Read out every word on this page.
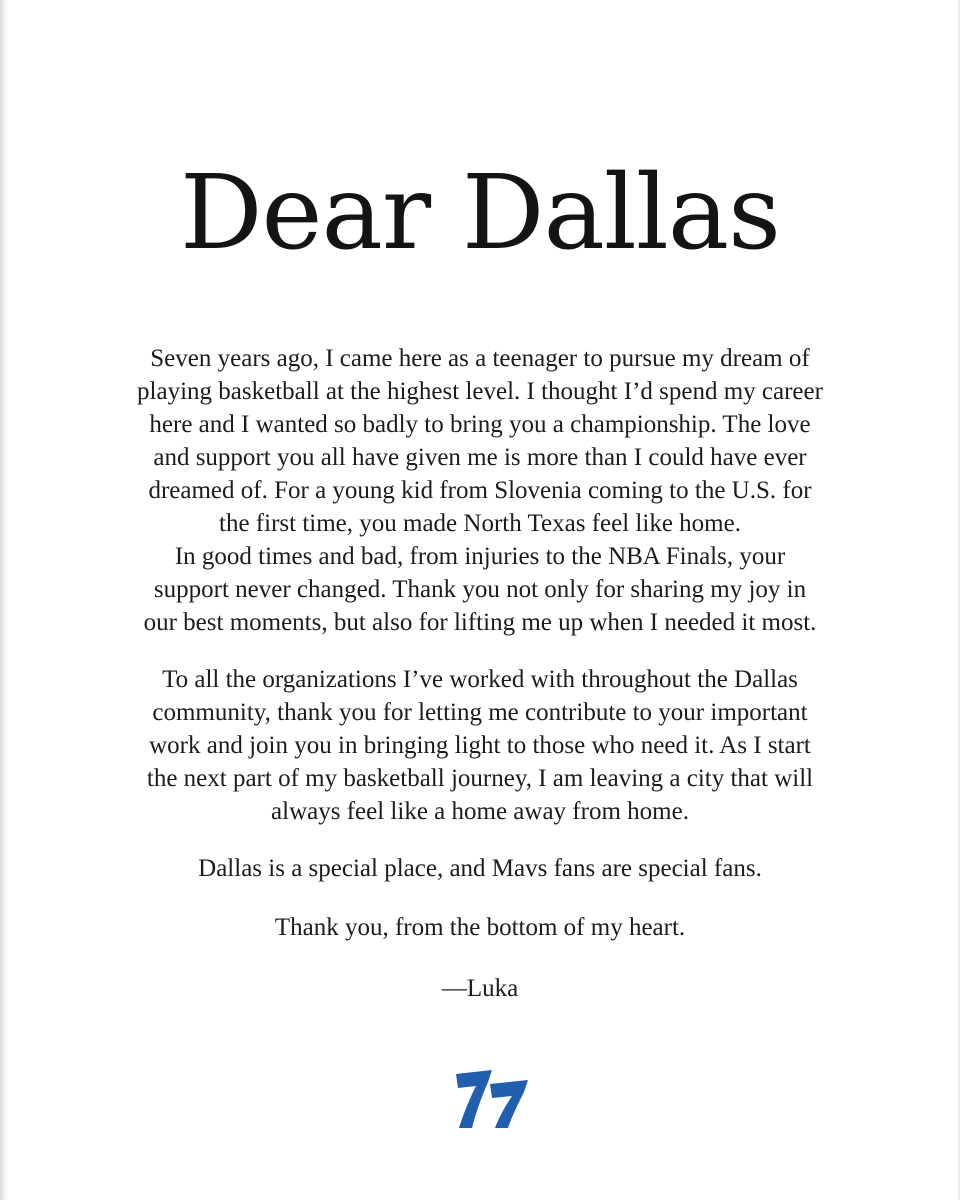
Dear Dallas

Seven years ago, I came here as a teenager to pursue my dream of
playing basketball at the highest level. I thought I’d spend my career
here and I wanted so badly to bring you a championship. The love
and support you all have given me is more than I could have ever
dreamed of. For a young kid from Slovenia coming to the U.S. for
the first time, you made North Texas feel like home.
In good times and bad, from injuries to the NBA Finals, your
support never changed. Thank you not only for sharing my joy in
our best moments, but also for lifting me up when I needed it most.

To all the organizations I’ve worked with throughout the Dallas
community, thank you for letting me contribute to your important
work and join you in bringing light to those who need it. As I start
the next part of my basketball journey, I am leaving a city that will
always feel like a home away from home.

Dallas is a special place, and Mavs fans are special fans.

Thank you, from the bottom of my heart.

—Luka
